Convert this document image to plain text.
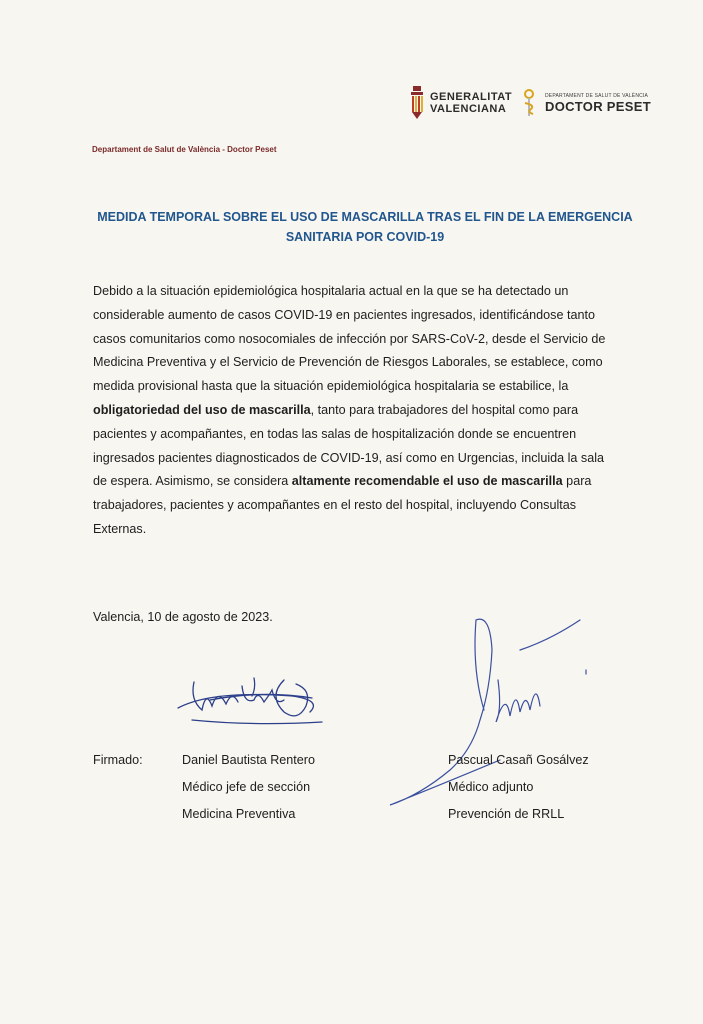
GENERALITAT
VALENCIANA
DEPARTAMENT DE SALUT DE VALÈNCIA
DOCTOR PESET
Departament de Salut de València - Doctor Peset
MEDIDA TEMPORAL SOBRE EL USO DE MASCARILLA TRAS EL FIN DE LA EMERGENCIA
SANITARIA POR COVID-19
Debido a la situación epidemiológica hospitalaria actual en la que se ha detectado un considerable aumento de casos COVID-19 en pacientes ingresados, identificándose tanto casos comunitarios como nosocomiales de infección por SARS-CoV-2, desde el Servicio de Medicina Preventiva y el Servicio de Prevención de Riesgos Laborales, se establece, como medida provisional hasta que la situación epidemiológica hospitalaria se estabilice, la obligatoriedad del uso de mascarilla, tanto para trabajadores del hospital como para pacientes y acompañantes, en todas las salas de hospitalización donde se encuentren ingresados pacientes diagnosticados de COVID-19, así como en Urgencias, incluida la sala de espera. Asimismo, se considera altamente recomendable el uso de mascarilla para trabajadores, pacientes y acompañantes en el resto del hospital, incluyendo Consultas Externas.
Valencia, 10 de agosto de 2023.
Firmado:	Daniel Bautista Rentero
Médico jefe de sección
Medicina Preventiva
Pascual Casañ Gosálvez
Médico adjunto
Prevención de RRLL
